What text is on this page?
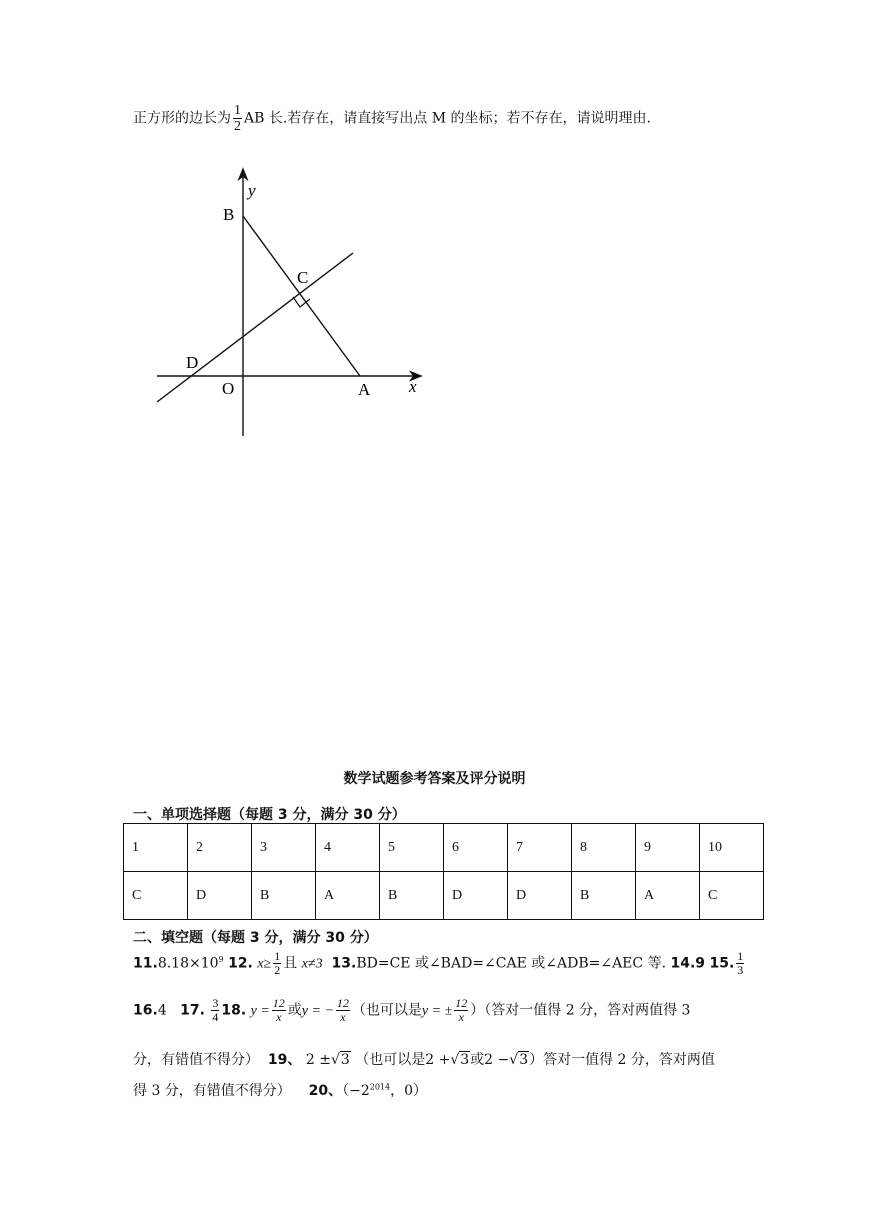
正方形的边长为 $\frac{1}{2}$ AB 长.若存在，请直接写出点 M 的坐标；若不存在，请说明理由.
y
x
B
C
D
O	A
数学试题参考答案及评分说明
一、单项选择题（每题 3 分，满分 30 分）
1	2	3	4	5	6	7	8	9	10
C	D	B	A	B	D	D	B	A	C
二、填空题（每题 3 分，满分 30 分）
$11.8.18\times 10^9$ 12. $x\ge \frac{1}{2}$ 且 x≠3 13.BD=CE 或∠BAD=∠CAE 或∠ADB=∠AEC 等. 14.9 15. $\frac{1}{3}$
16.4 17. $\frac{3}{4} 18$. $y = \frac{12}{x}$ 或y = − $\frac{12}{x}$ （也可以是y = ± $\frac{12}{x}$ ）（答对一值得 2 分，答对两值得 3
分，有错值不得分） 19、 2 ±√3 （也可以是2 +√3或2 −√3）答对一值得 2 分，答对两值
得 3 分，有错值不得分） 20、（$-2^{2014}$，0）
